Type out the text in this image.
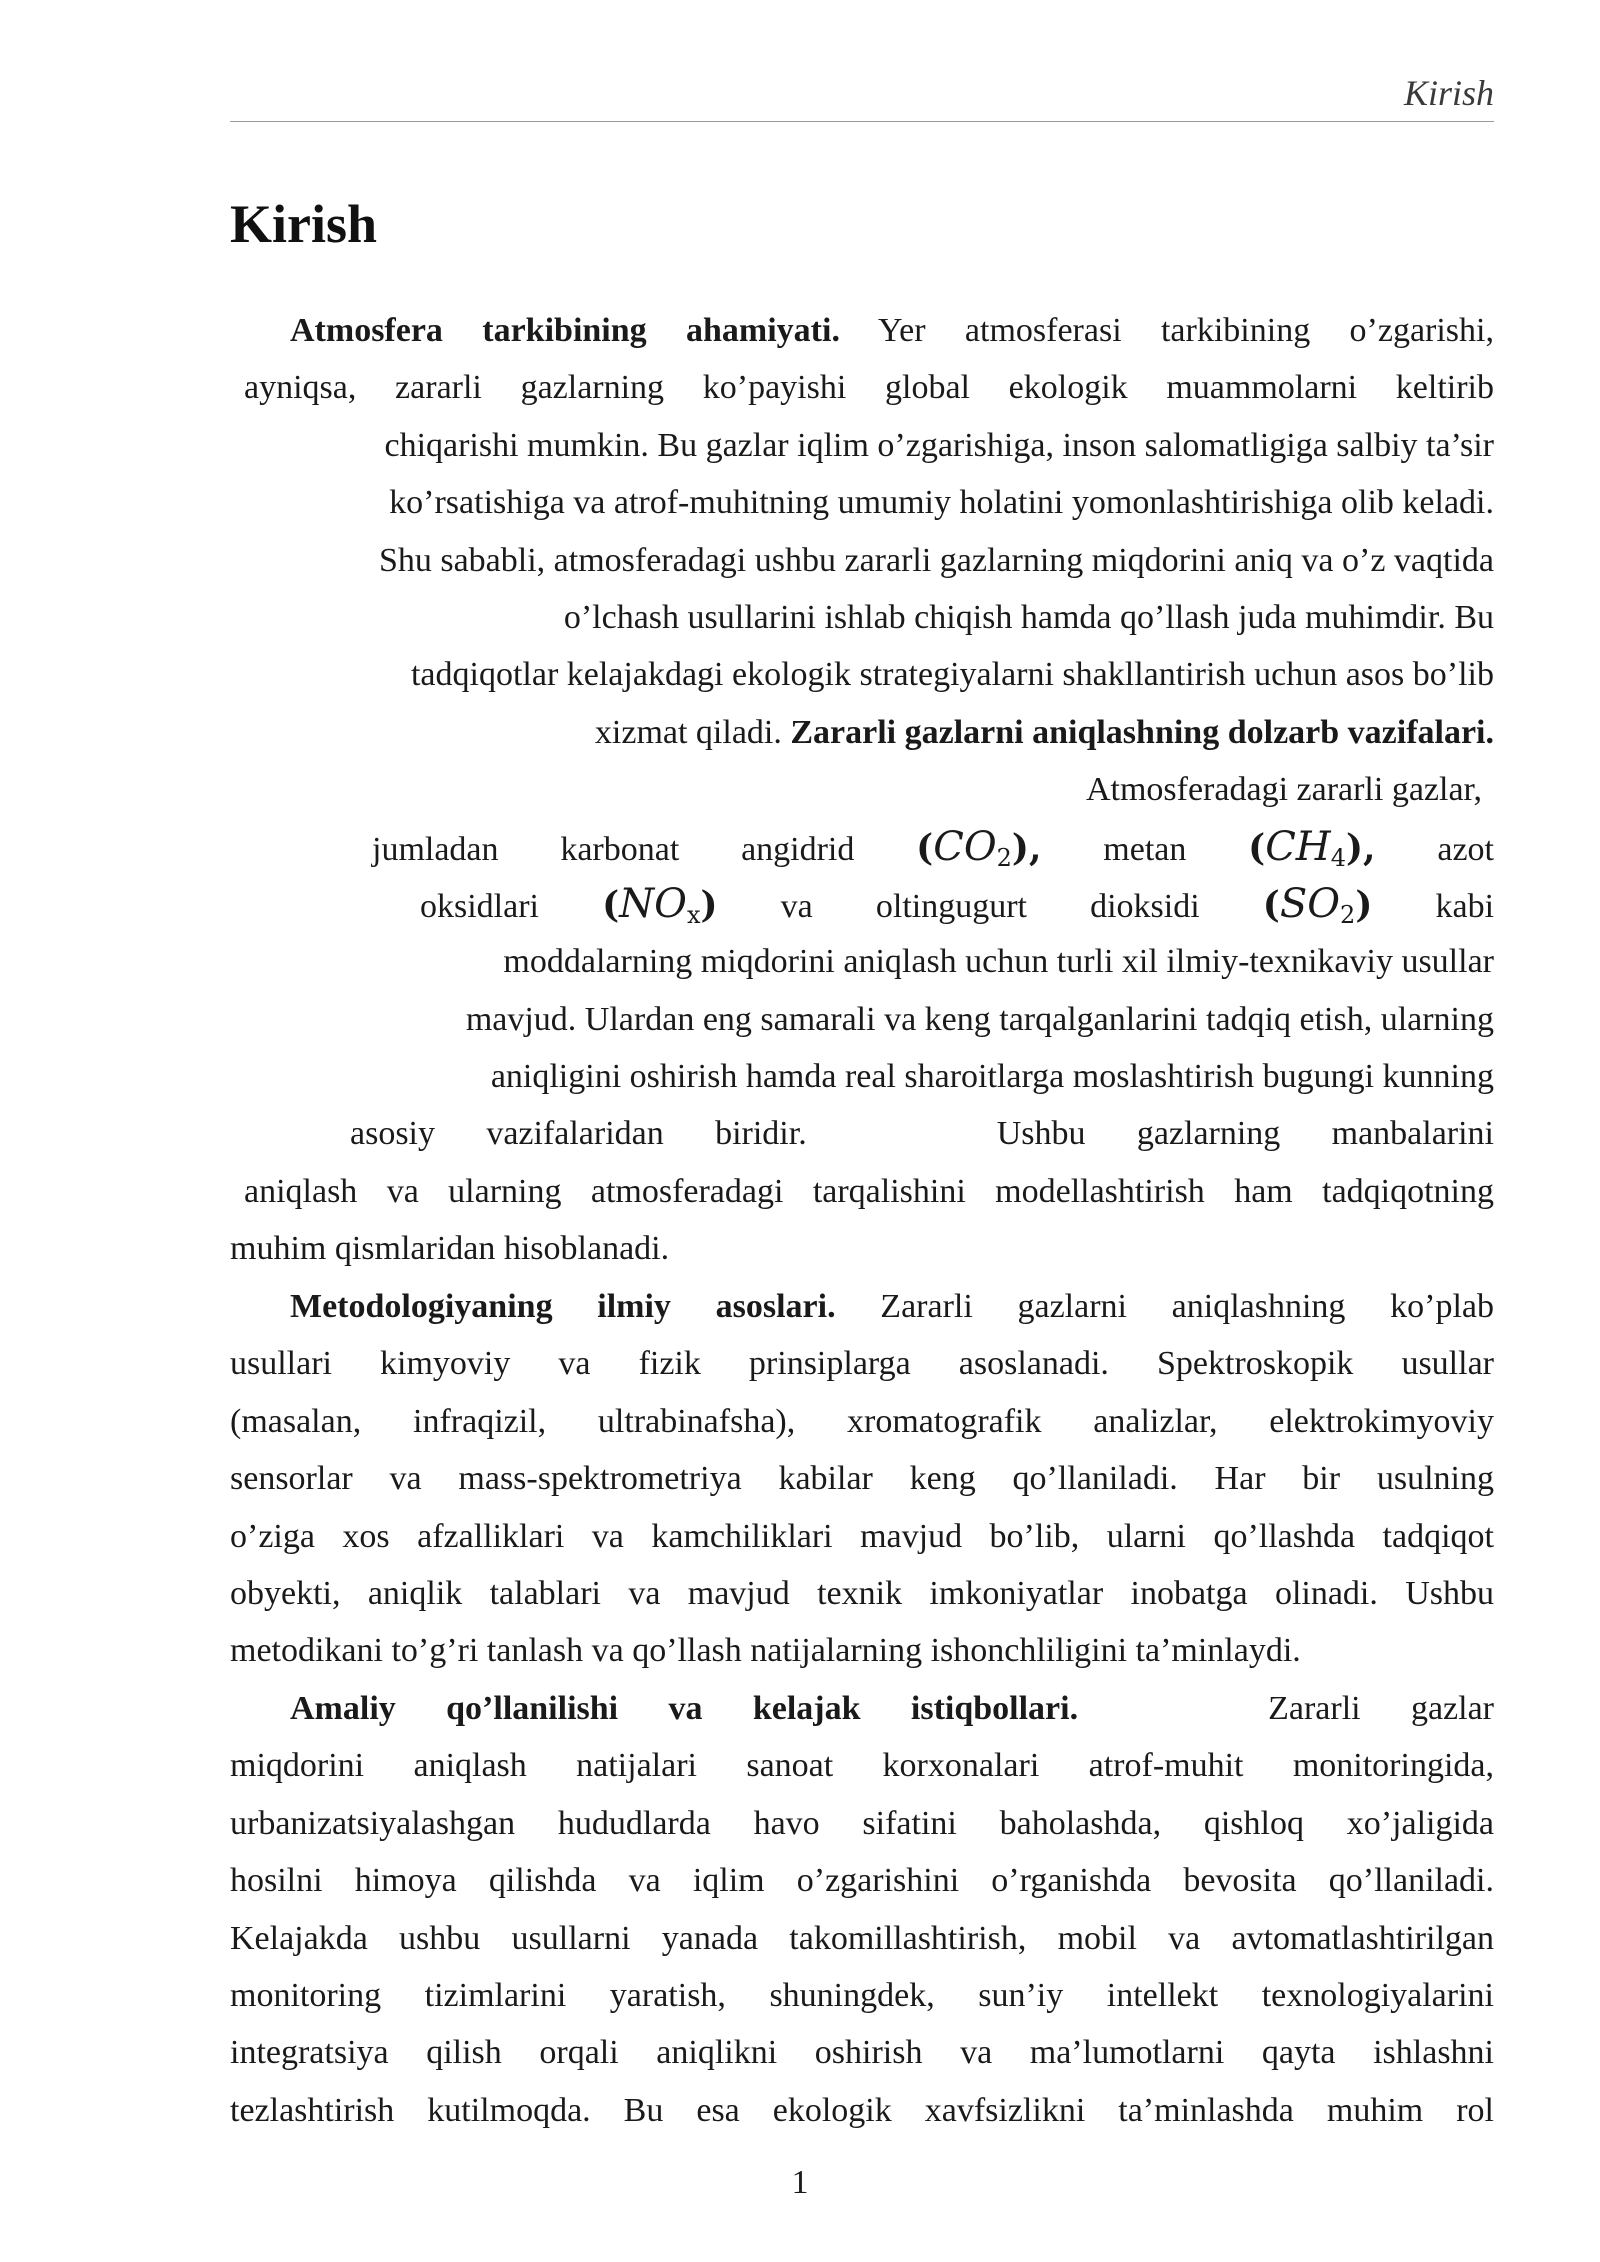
Kirish
Kirish
Atmosfera tarkibining ahamiyati. Yer atmosferasi tarkibining o’zgarishi,
ayniqsa, zararli gazlarning ko’payishi global ekologik muammolarni keltirib
chiqarishi mumkin. Bu gazlar iqlim o’zgarishiga, inson salomatligiga salbiy ta’sir
ko’rsatishiga va atrof-muhitning umumiy holatini yomonlashtirishiga olib keladi.
Shu sababli, atmosferadagi ushbu zararli gazlarning miqdorini aniq va o’z vaqtida
o’lchash usullarini ishlab chiqish hamda qo’llash juda muhimdir. Bu
tadqiqotlar kelajakdagi ekologik strategiyalarni shakllantirish uchun asos bo’lib
xizmat qiladi. Zararli gazlarni aniqlashning dolzarb vazifalari.
Atmosferadagi zararli gazlar,
jumladan karbonat angidrid $(CO_2)$, metan $(CH_4)$, azot
oksidlari $(NO_x)$ va oltingugurt dioksidi $(SO_2)$ kabi
moddalarning miqdorini aniqlash uchun turli xil ilmiy-texnikaviy usullar
mavjud. Ulardan eng samarali va keng tarqalganlarini tadqiq etish, ularning
aniqligini oshirish hamda real sharoitlarga moslashtirish bugungi kunning
asosiy vazifalaridan biridir.	Ushbu gazlarning manbalarini
aniqlash va ularning atmosferadagi tarqalishini modellashtirish ham tadqiqotning
muhim qismlaridan hisoblanadi.
Metodologiyaning ilmiy asoslari. Zararli gazlarni aniqlashning ko’plab
usullari kimyoviy va fizik prinsiplarga asoslanadi. Spektroskopik usullar
(masalan, infraqizil, ultrabinafsha), xromatografik analizlar, elektrokimyoviy
sensorlar va mass-spektrometriya kabilar keng qo’llaniladi. Har bir usulning
o’ziga xos afzalliklari va kamchiliklari mavjud bo’lib, ularni qo’llashda tadqiqot
obyekti, aniqlik talablari va mavjud texnik imkoniyatlar inobatga olinadi. Ushbu
metodikani to’g’ri tanlash va qo’llash natijalarning ishonchliligini ta’minlaydi.
Amaliy qo’llanilishi va kelajak istiqbollari.	Zararli gazlar
miqdorini aniqlash natijalari sanoat korxonalari atrof-muhit monitoringida,
urbanizatsiyalashgan hududlarda havo sifatini baholashda, qishloq xo’jaligida
hosilni himoya qilishda va iqlim o’zgarishini o’rganishda bevosita qo’llaniladi.
Kelajakda ushbu usullarni yanada takomillashtirish, mobil va avtomatlashtirilgan
monitoring tizimlarini yaratish, shuningdek, sun’iy intellekt texnologiyalarini
integratsiya qilish orqali aniqlikni oshirish va ma’lumotlarni qayta ishlashni
tezlashtirish kutilmoqda. Bu esa ekologik xavfsizlikni ta’minlashda muhim rol
1
